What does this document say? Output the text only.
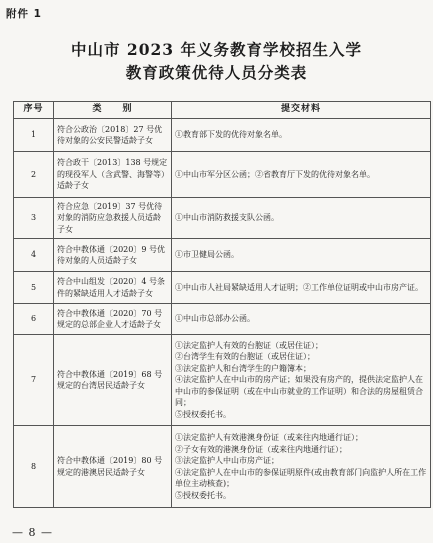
附件 1
中山市 2023 年义务教育学校招生入学
教育政策优待人员分类表
序号	类　　别	提交材料
1	符合公政治〔2018〕27 号优待对象的公安民警适龄子女	①教育部下发的优待对象名单。

2	符合政干〔2013〕138 号规定的现役军人（含武警、海警等）适龄子女	①中山市军分区公函；②省教育厅下发的优待对象名单。

3	符合应急〔2019〕37 号优待对象的消防应急救援人员适龄子女	①中山市消防救援支队公函。

4	符合中教体通〔2020〕9 号优待对象的人员适龄子女	①市卫健局公函。

5	符合中山组发〔2020〕4 号条件的紧缺适用人才适龄子女	①中山市人社局紧缺适用人才证明；②工作单位证明或中山市房产证。

6	符合中教体通〔2020〕70 号规定的总部企业人才适龄子女	①中山市总部办公函。

7	符合中教体通〔2019〕68 号规定的台湾居民适龄子女	①法定监护人有效的台胞证（或居住证）；
②台湾学生有效的台胞证（或居住证）；
③法定监护人和台湾学生的户籍簿本；
④法定监护人在中山市的房产证；如果没有房产的，提供法定监护人在中山市的参保证明（或在中山市就业的工作证明）和合法的房屋租赁合同；
⑤授权委托书。

8	符合中教体通〔2019〕80 号规定的港澳居民适龄子女	①法定监护人有效港澳身份证（或来往内地通行证）；
②子女有效的港澳身份证（或来往内地通行证）；
③法定监护人中山市房产证；
④法定监护人在中山市的参保证明原件(或由教育部门向监护人所在工作单位主动核查)；
⑤授权委托书。
— 8 —
